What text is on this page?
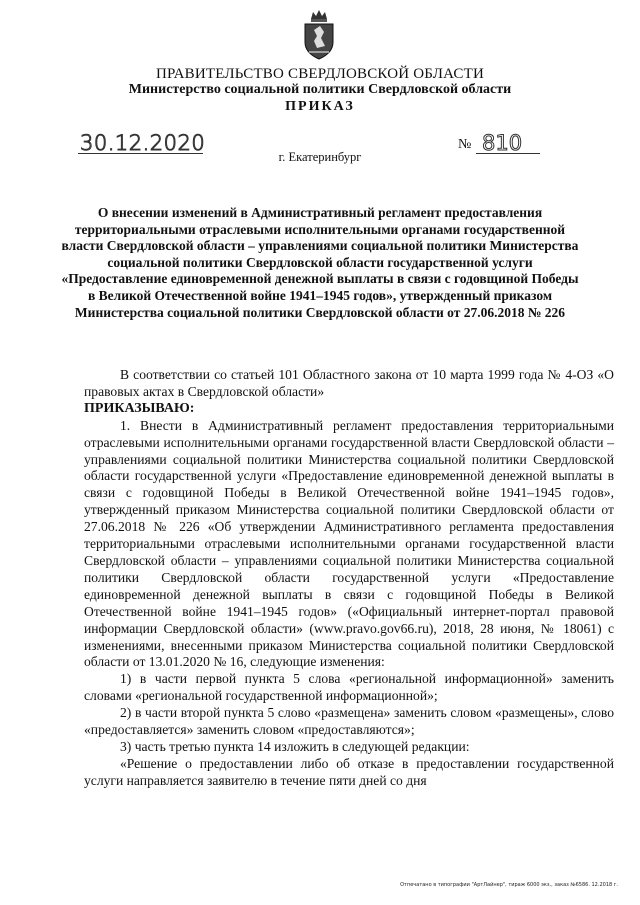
ПРАВИТЕЛЬСТВО СВЕРДЛОВСКОЙ ОБЛАСТИ
Министерство социальной политики Свердловской области
ПРИКАЗ
30.12.2020	№ 810
г. Екатеринбург
О внесении изменений в Административный регламент предоставления территориальными отраслевыми исполнительными органами государственной власти Свердловской области – управлениями социальной политики Министерства социальной политики Свердловской области государственной услуги «Предоставление единовременной денежной выплаты в связи с годовщиной Победы в Великой Отечественной войне 1941–1945 годов», утвержденный приказом Министерства социальной политики Свердловской области от 27.06.2018 № 226

В соответствии со статьей 101 Областного закона от 10 марта 1999 года № 4-ОЗ «О правовых актах в Свердловской области»

ПРИКАЗЫВАЮ:

1. Внести в Административный регламент предоставления территориальными отраслевыми исполнительными органами государственной власти Свердловской области – управлениями социальной политики Министерства социальной политики Свердловской области государственной услуги «Предоставление единовременной денежной выплаты в связи с годовщиной Победы в Великой Отечественной войне 1941–1945 годов», утвержденный приказом Министерства социальной политики Свердловской области от 27.06.2018 № 226 «Об утверждении Административного регламента предоставления территориальными отраслевыми исполнительными органами государственной власти Свердловской области – управлениями социальной политики Министерства социальной политики Свердловской области государственной услуги «Предоставление единовременной денежной выплаты в связи с годовщиной Победы в Великой Отечественной войне 1941–1945 годов» («Официальный интернет-портал правовой информации Свердловской области» (www.pravo.gov66.ru), 2018, 28 июня, № 18061) с изменениями, внесенными приказом Министерства социальной политики Свердловской области от 13.01.2020 № 16, следующие изменения:

1) в части первой пункта 5 слова «региональной информационной» заменить словами «региональной государственной информационной»;

2) в части второй пункта 5 слово «размещена» заменить словом «размещены», слово «предоставляется» заменить словом «предоставляются»;

3) часть третью пункта 14 изложить в следующей редакции:

«Решение о предоставлении либо об отказе в предоставлении государственной услуги направляется заявителю в течение пяти дней со дня

Отпечатано в типографии "АртЛайнер", тираж 6000 экз., заказ №6586. 12.2018 г.
